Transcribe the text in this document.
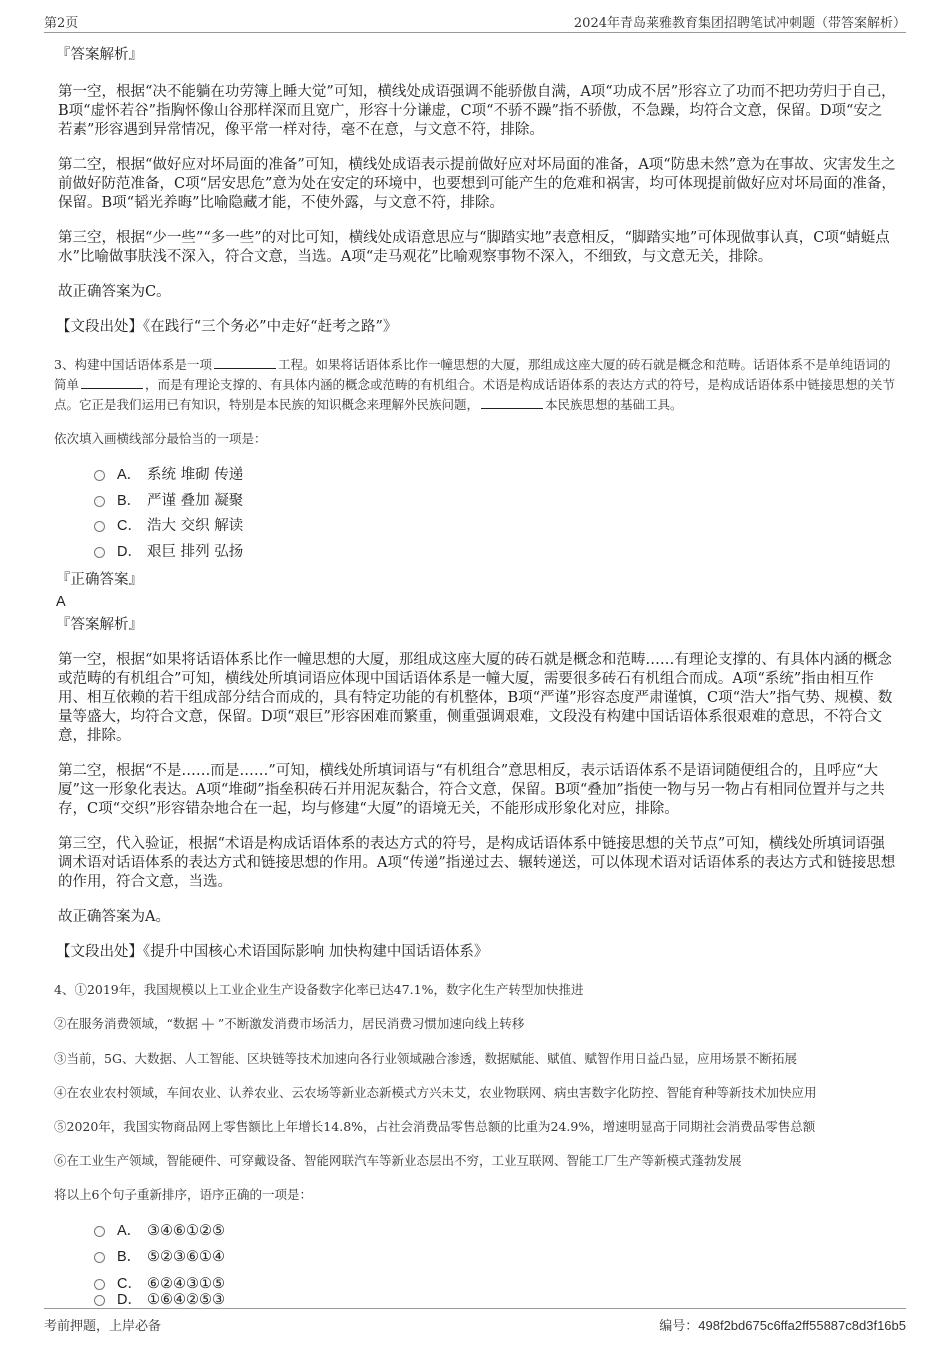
第2页	2024年青岛莱雅教育集团招聘笔试冲刺题（带答案解析）
『答案解析』

第一空，根据“决不能躺在功劳簿上睡大觉”可知，横线处成语强调不能骄傲自满，A项“功成不居”形容立了功而不把功劳归于自己，B项“虚怀若谷”指胸怀像山谷那样深而且宽广，形容十分谦虚，C项“不骄不躁”指不骄傲，不急躁，均符合文意，保留。D项“安之若素”形容遇到异常情况，像平常一样对待，毫不在意，与文意不符，排除。

第二空，根据“做好应对坏局面的准备”可知，横线处成语表示提前做好应对坏局面的准备，A项“防患未然”意为在事故、灾害发生之前做好防范准备，C项“居安思危”意为处在安定的环境中，也要想到可能产生的危难和祸害，均可体现提前做好应对坏局面的准备，保留。B项“韬光养晦”比喻隐藏才能，不使外露，与文意不符，排除。

第三空，根据“少一些”“多一些”的对比可知，横线处成语意思应与“脚踏实地”表意相反，“脚踏实地”可体现做事认真，C项“蜻蜓点水”比喻做事肤浅不深入，符合文意，当选。A项“走马观花”比喻观察事物不深入，不细致，与文意无关，排除。

故正确答案为C。

【文段出处】《在践行“三个务必”中走好“赶考之路”》
3、构建中国话语体系是一项	工程。如果将话语体系比作一幢思想的大厦，那组成这座大厦的砖石就是概念和范畴。话语体系不是单纯语词的简单	，而是有理论支撑的、有具体内涵的概念或范畴的有机组合。术语是构成话语体系的表达方式的符号，是构成话语体系中链接思想的关节点。它正是我们运用已有知识，特别是本民族的知识概念来理解外民族问题，	本民族思想的基础工具。
依次填入画横线部分最恰当的一项是：
A． 系统 堆砌 传递
B． 严谨 叠加 凝聚
C． 浩大 交织 解读
D． 艰巨 排列 弘扬
『正确答案』
A
『答案解析』

第一空，根据“如果将话语体系比作一幢思想的大厦，那组成这座大厦的砖石就是概念和范畴……有理论支撑的、有具体内涵的概念或范畴的有机组合”可知，横线处所填词语应体现中国话语体系是一幢大厦，需要很多砖石有机组合而成。A项“系统”指由相互作用、相互依赖的若干组成部分结合而成的，具有特定功能的有机整体，B项“严谨”形容态度严肃谨慎，C项“浩大”指气势、规模、数量等盛大，均符合文意，保留。D项“艰巨”形容困难而繁重，侧重强调艰难，文段没有构建中国话语体系很艰难的意思，不符合文意，排除。

第二空，根据“不是……而是……”可知，横线处所填词语与“有机组合”意思相反，表示话语体系不是语词随便组合的，且呼应“大厦”这一形象化表达。A项“堆砌”指垒积砖石并用泥灰黏合，符合文意，保留。B项“叠加”指使一物与另一物占有相同位置并与之共存，C项“交织”形容错杂地合在一起，均与修建“大厦”的语境无关，不能形成形象化对应，排除。

第三空，代入验证，根据“术语是构成话语体系的表达方式的符号，是构成话语体系中链接思想的关节点”可知，横线处所填词语强调术语对话语体系的表达方式和链接思想的作用。A项“传递”指递过去、辗转递送，可以体现术语对话语体系的表达方式和链接思想的作用，符合文意，当选。

故正确答案为A。

【文段出处】《提升中国核心术语国际影响 加快构建中国话语体系》
4、①2019年，我国规模以上工业企业生产设备数字化率已达47.1%，数字化生产转型加快推进
②在服务消费领域，“数据 ＋ ”不断激发消费市场活力，居民消费习惯加速向线上转移
③当前，5G、大数据、人工智能、区块链等技术加速向各行业领域融合渗透，数据赋能、赋值、赋智作用日益凸显，应用场景不断拓展
④在农业农村领域，车间农业、认养农业、云农场等新业态新模式方兴未艾，农业物联网、病虫害数字化防控、智能育种等新技术加快应用
⑤2020年，我国实物商品网上零售额比上年增长14.8%，占社会消费品零售总额的比重为24.9%，增速明显高于同期社会消费品零售总额
⑥在工业生产领域，智能硬件、可穿戴设备、智能网联汽车等新业态层出不穷，工业互联网、智能工厂生产等新模式蓬勃发展
将以上6个句子重新排序，语序正确的一项是：
A． ③④⑥①②⑤
B． ⑤②③⑥①④
C． ⑥②④③①⑤
D． ①⑥④②⑤③
考前押题，上岸必备	编号：498f2bd675c6ffa2ff55887c8d3f16b5
